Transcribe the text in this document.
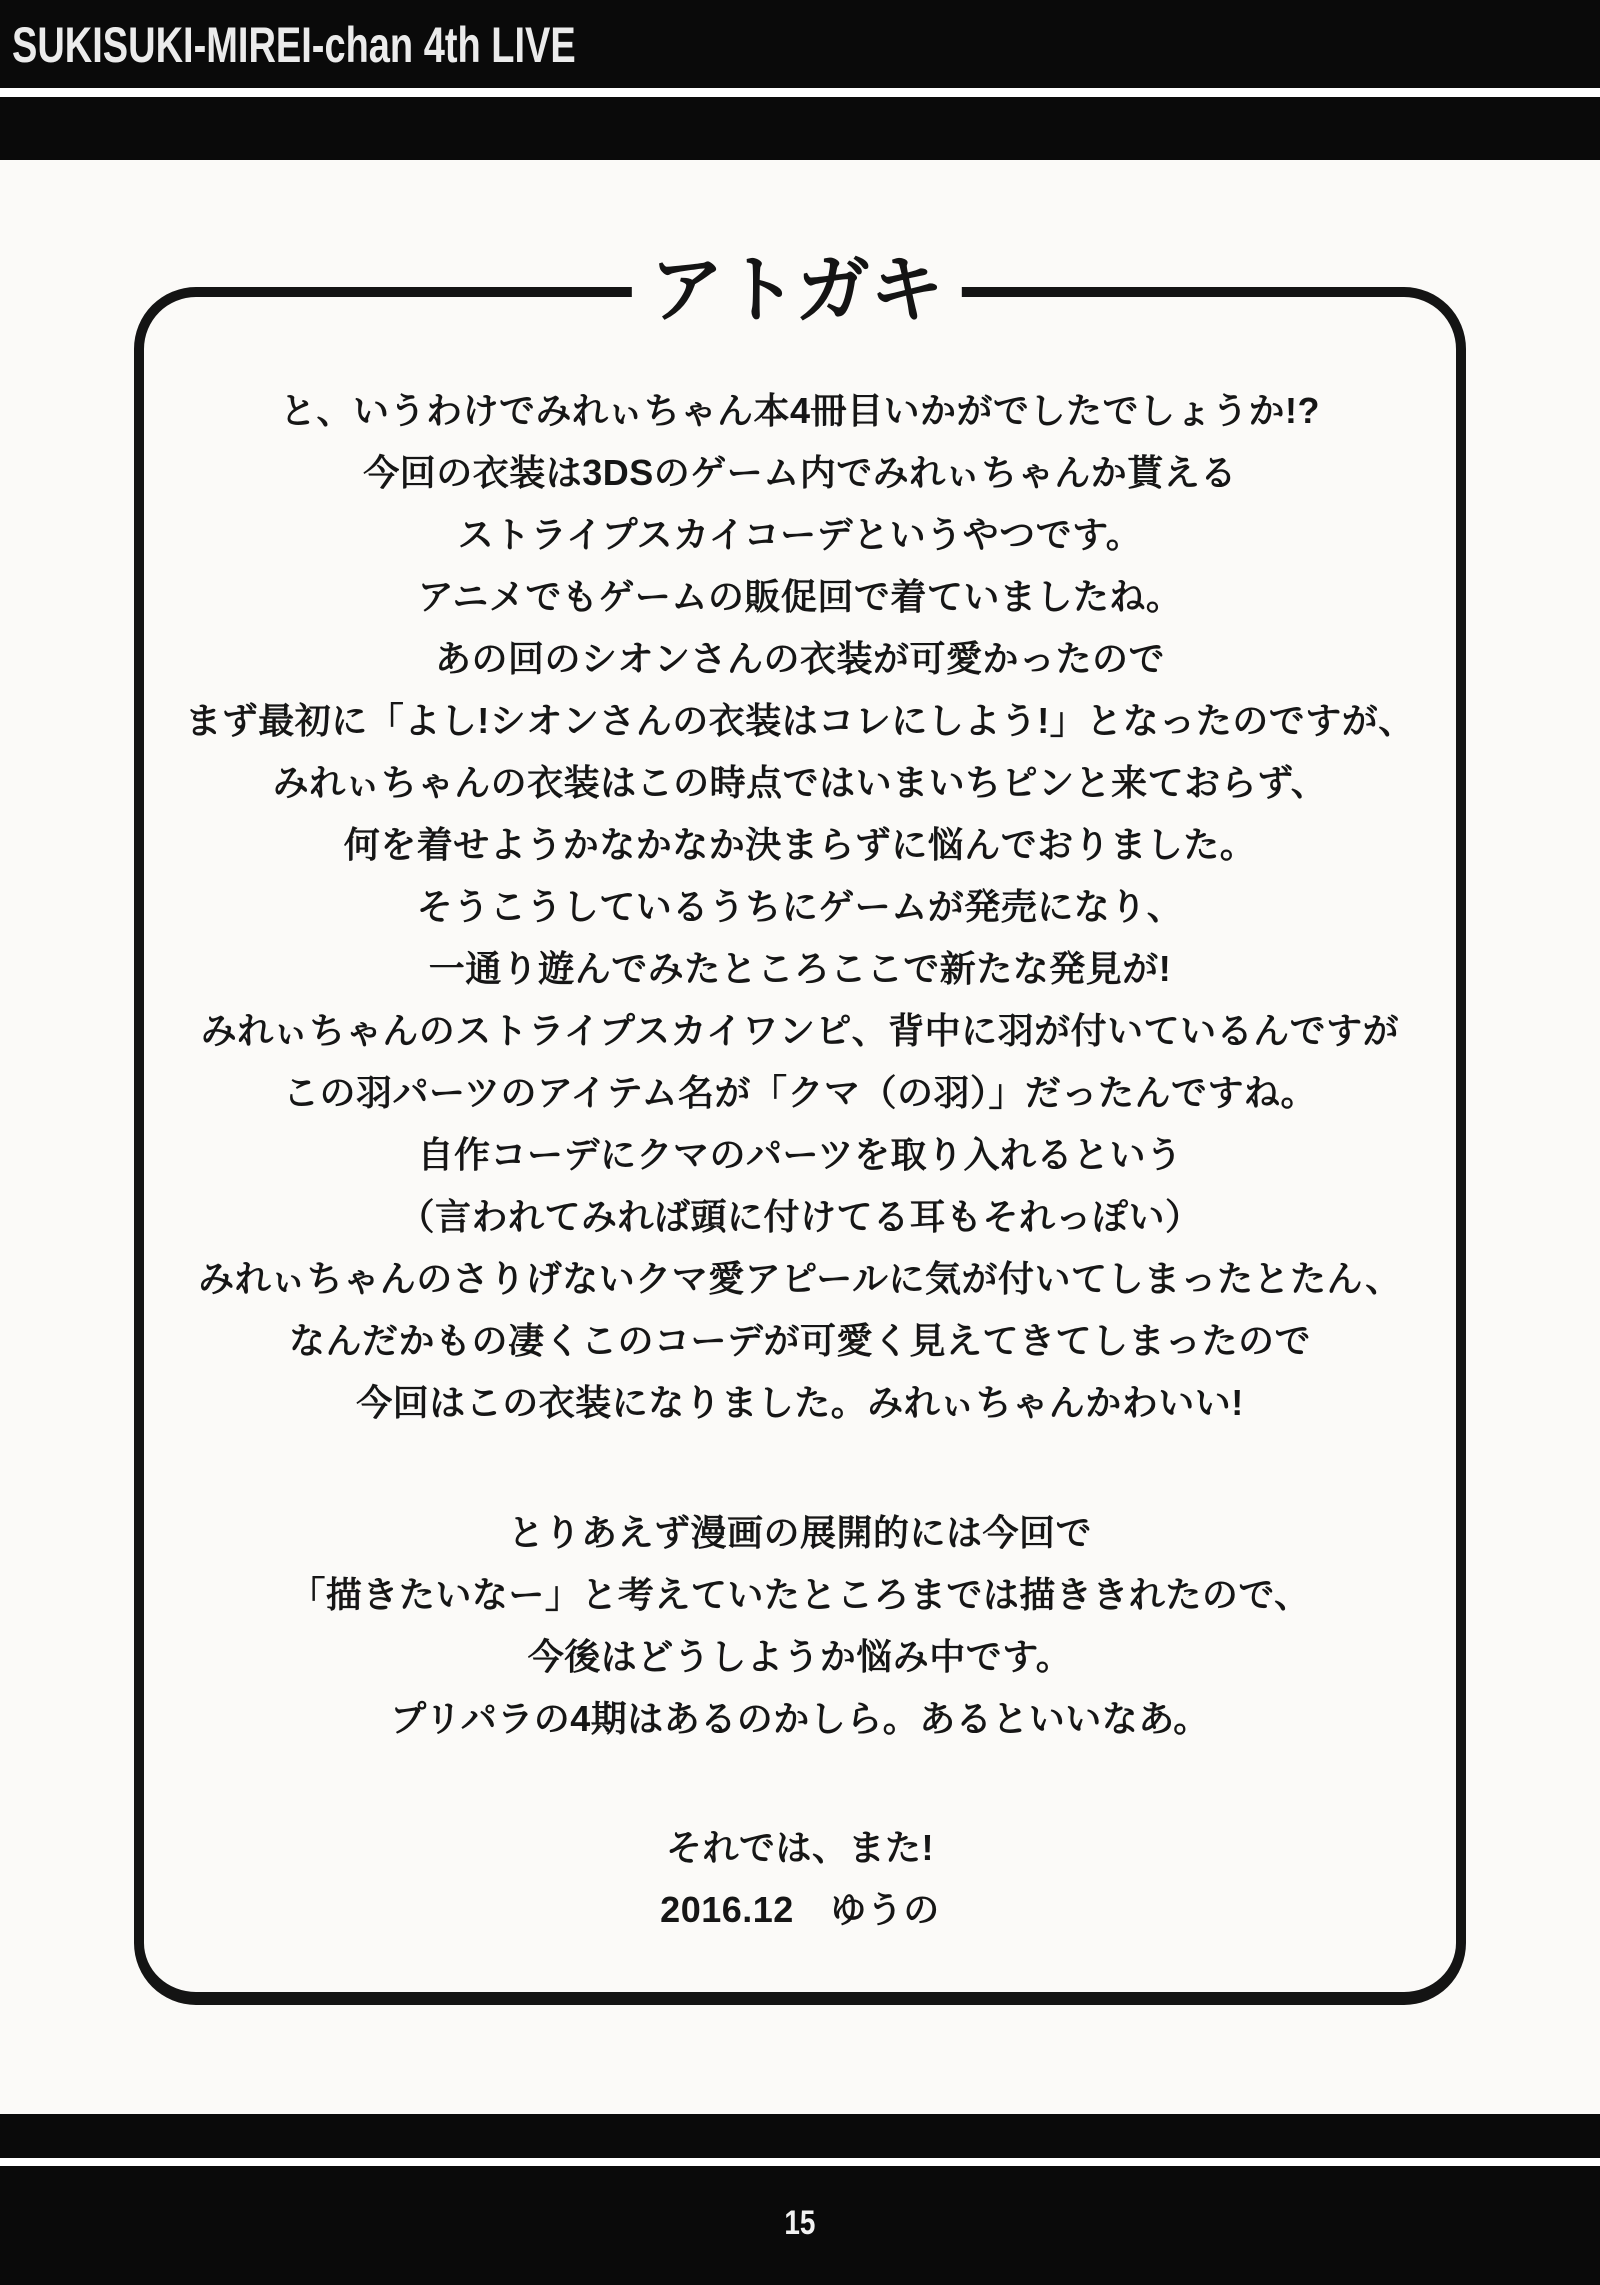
SUKISUKI-MIREI-chan 4th LIVE
アトガキ
と、いうわけでみれぃちゃん本4冊目いかがでしたでしょうか!?
今回の衣装は3DSのゲーム内でみれぃちゃんか貰える
ストライプスカイコーデというやつです。
アニメでもゲームの販促回で着ていましたね。
あの回のシオンさんの衣装が可愛かったので
まず最初に「よし!シオンさんの衣装はコレにしよう!」となったのですが、
みれぃちゃんの衣装はこの時点ではいまいちピンと来ておらず、
何を着せようかなかなか決まらずに悩んでおりました。
そうこうしているうちにゲームが発売になり、
一通り遊んでみたところここで新たな発見が!
みれぃちゃんのストライプスカイワンピ、背中に羽が付いているんですが
この羽パーツのアイテム名が「クマ（の羽）」だったんですね。
自作コーデにクマのパーツを取り入れるという
（言われてみれば頭に付けてる耳もそれっぽい）
みれぃちゃんのさりげないクマ愛アピールに気が付いてしまったとたん、
なんだかもの凄くこのコーデが可愛く見えてきてしまったので
今回はこの衣装になりました。みれぃちゃんかわいい!
とりあえず漫画の展開的には今回で
「描きたいなー」と考えていたところまでは描ききれたので、
今後はどうしようか悩み中です。
プリパラの4期はあるのかしら。あるといいなあ。
それでは、また!
2016.12　ゆうの
15
